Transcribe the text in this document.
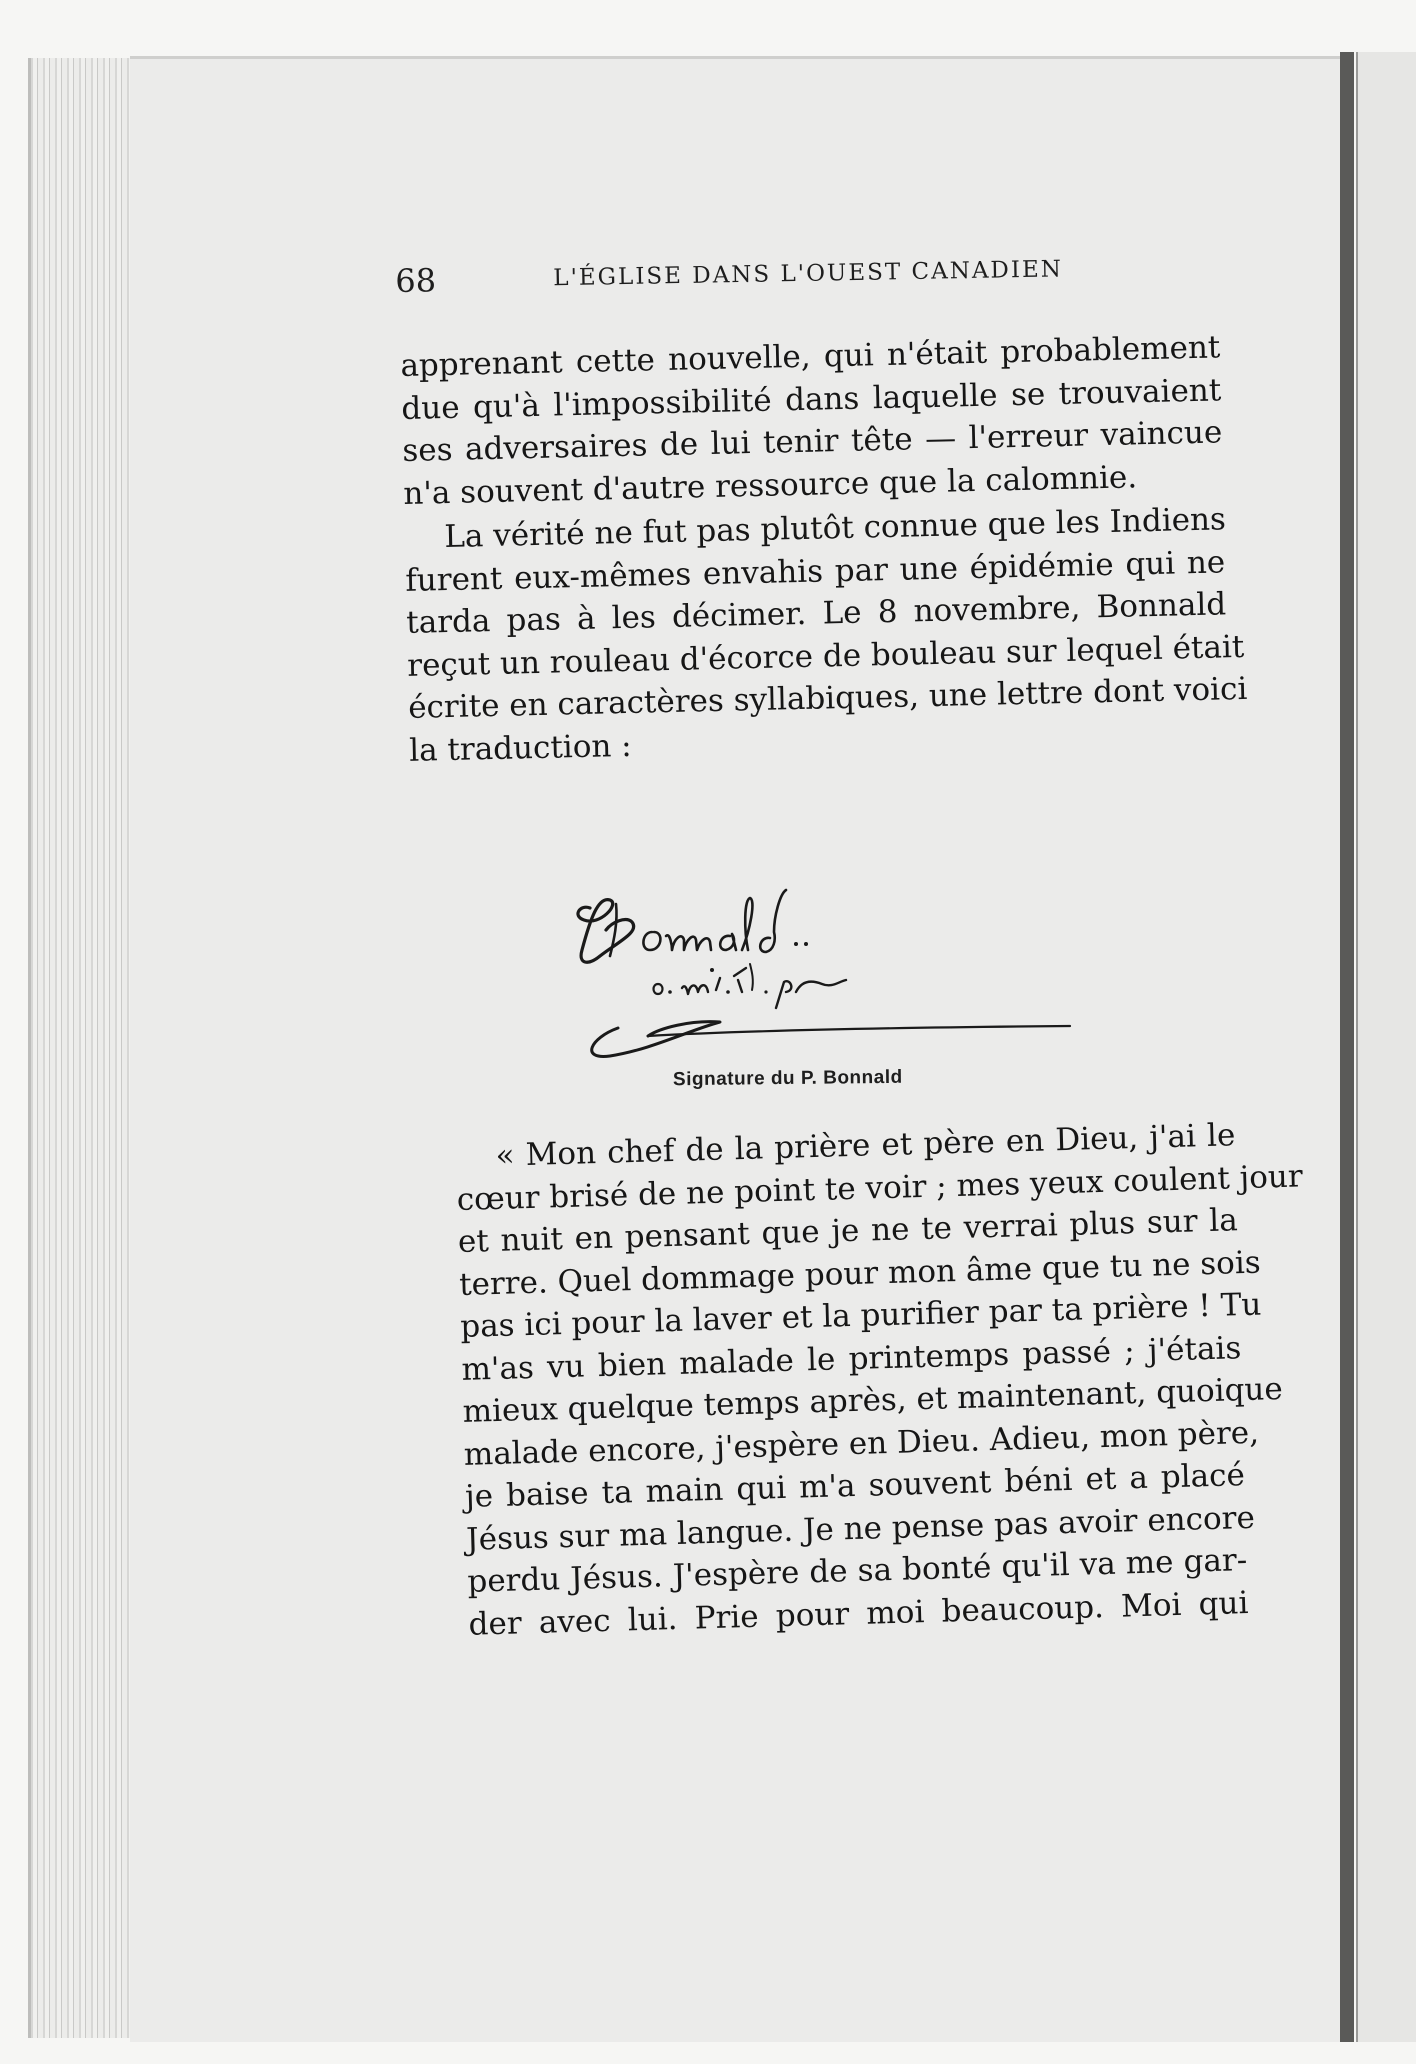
68	L'ÉGLISE DANS L'OUEST CANADIEN

apprenant cette nouvelle, qui n'était probablement
due qu'à l'impossibilité dans laquelle se trouvaient
ses adversaires de lui tenir tête — l'erreur vaincue
n'a souvent d'autre ressource que la calomnie.

La vérité ne fut pas plutôt connue que les Indiens
furent eux-mêmes envahis par une épidémie qui ne
tarda pas à les décimer. Le 8 novembre, Bonnald
reçut un rouleau d'écorce de bouleau sur lequel était
écrite en caractères syllabiques, une lettre dont voici
la traduction :

Signature du P. Bonnald

« Mon chef de la prière et père en Dieu, j'ai le
cœur brisé de ne point te voir ; mes yeux coulent jour
et nuit en pensant que je ne te verrai plus sur la
terre. Quel dommage pour mon âme que tu ne sois
pas ici pour la laver et la purifier par ta prière ! Tu
m'as vu bien malade le printemps passé ; j'étais
mieux quelque temps après, et maintenant, quoique
malade encore, j'espère en Dieu. Adieu, mon père,
je baise ta main qui m'a souvent béni et a placé
Jésus sur ma langue. Je ne pense pas avoir encore
perdu Jésus. J'espère de sa bonté qu'il va me gar-
der avec lui. Prie pour moi beaucoup. Moi qui
